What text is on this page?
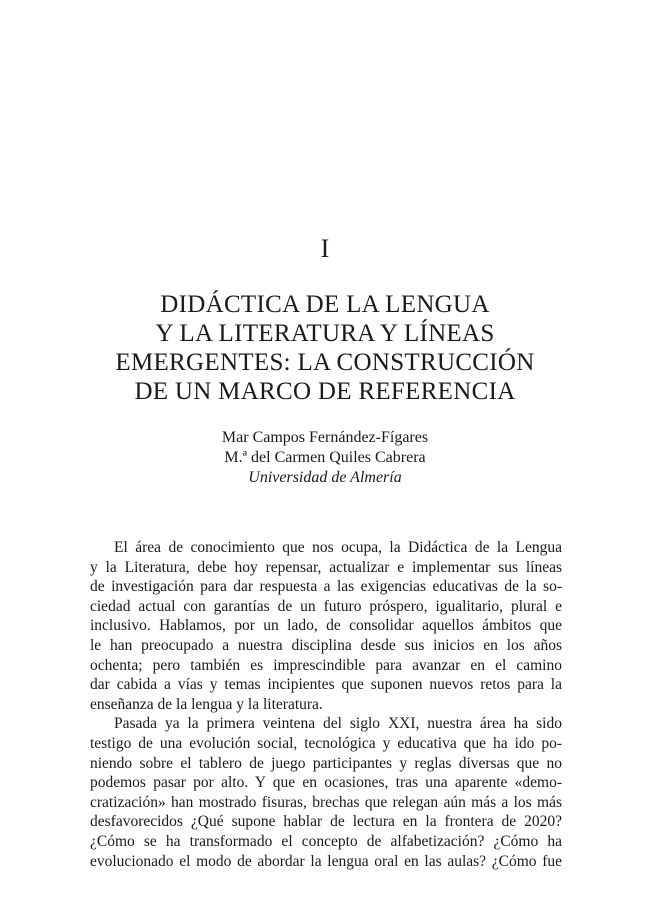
I
DIDÁCTICA DE LA LENGUA
Y LA LITERATURA Y LÍNEAS
EMERGENTES: LA CONSTRUCCIÓN
DE UN MARCO DE REFERENCIA
Mar Campos Fernández-Fígares
M.ª del Carmen Quiles Cabrera
Universidad de Almería
El área de conocimiento que nos ocupa, la Didáctica de la Lengua
y la Literatura, debe hoy repensar, actualizar e implementar sus líneas
de investigación para dar respuesta a las exigencias educativas de la so-
ciedad actual con garantías de un futuro próspero, igualitario, plural e
inclusivo. Hablamos, por un lado, de consolidar aquellos ámbitos que
le han preocupado a nuestra disciplina desde sus inicios en los años
ochenta; pero también es imprescindible para avanzar en el camino
dar cabida a vías y temas incipientes que suponen nuevos retos para la
enseñanza de la lengua y la literatura.
Pasada ya la primera veintena del siglo XXI, nuestra área ha sido
testigo de una evolución social, tecnológica y educativa que ha ido po-
niendo sobre el tablero de juego participantes y reglas diversas que no
podemos pasar por alto. Y que en ocasiones, tras una aparente «demo-
cratización» han mostrado fisuras, brechas que relegan aún más a los más
desfavorecidos ¿Qué supone hablar de lectura en la frontera de 2020?
¿Cómo se ha transformado el concepto de alfabetización? ¿Cómo ha
evolucionado el modo de abordar la lengua oral en las aulas? ¿Cómo fue
